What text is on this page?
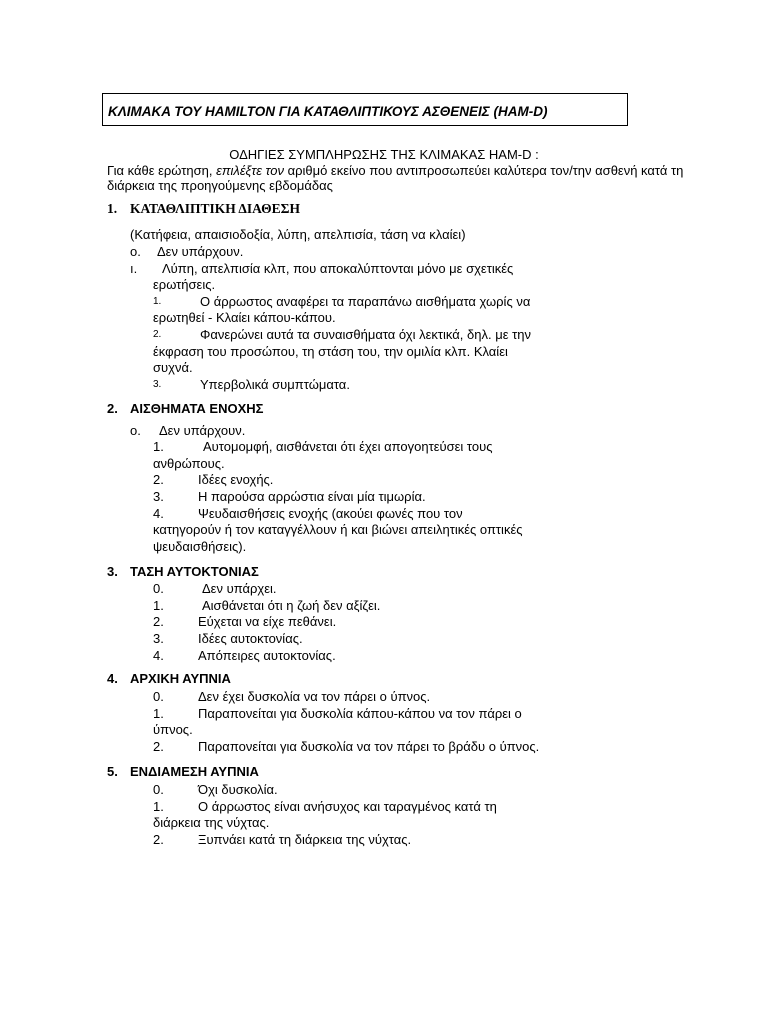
ΚΛΙΜΑΚΑ ΤΟΥ HAMILTON ΓΙΑ ΚΑΤΑΘΛΙΠΤΙΚΟΥΣ ΑΣΘΕΝΕΙΣ (HAM-D)
ΟΔΗΓΙΕΣ ΣΥΜΠΛΗΡΩΣΗΣ ΤΗΣ ΚΛΙΜΑΚΑΣ HAM-D :
Για κάθε ερώτηση, επιλέξτε τον αριθμό εκείνο που αντιπροσωπεύει καλύτερα τον/την ασθενή κατά τη
διάρκεια της προηγούμενης εβδομάδας
1. ΚΑΤΑΘΛΙΠΤΙΚΗ ΔΙΑΘΕΣΗ
(Κατήφεια, απαισιοδοξία, λύπη, απελπισία, τάση να κλαίει)
o. Δεν υπάρχουν.
ı. Λύπη, απελπισία κλπ, που αποκαλύπτονται μόνο με σχετικές
ερωτήσεις.
1.	Ο άρρωστος αναφέρει τα παραπάνω αισθήματα χωρίς να
ερωτηθεί - Κλαίει κάπου-κάπου.
2.	Φανερώνει αυτά τα συναισθήματα όχι λεκτικά, δηλ. με την
έκφραση του προσώπου, τη στάση του, την ομιλία κλπ. Κλαίει
συχνά.
3.	Υπερβολικά συμπτώματα.
2. ΑΙΣΘΗΜΑΤΑ ΕΝΟΧΗΣ
o. Δεν υπάρχουν.
1.	Αυτομομφή, αισθάνεται ότι έχει απογοητεύσει τους
ανθρώπους.
2.	Ιδέες ενοχής.
3.	Η παρούσα αρρώστια είναι μία τιμωρία.
4.	Ψευδαισθήσεις ενοχής (ακούει φωνές που τον
κατηγορούν ή τον καταγγέλλουν ή και βιώνει απειλητικές οπτικές
ψευδαισθήσεις).
3. ΤΑΣΗ ΑΥΤΟΚΤΟΝΙΑΣ
0.	Δεν υπάρχει.
1.	Αισθάνεται ότι η ζωή δεν αξίζει.
2.	Εύχεται να είχε πεθάνει.
3.	Ιδέες αυτοκτονίας.
4.	Απόπειρες αυτοκτονίας.
4. ΑΡΧΙΚΗ ΑΥΠΝΙΑ
0.	Δεν έχει δυσκολία να τον πάρει ο ύπνος.
1.	Παραπονείται για δυσκολία κάπου-κάπου να τον πάρει ο
ύπνος.
2.	Παραπονείται για δυσκολία να τον πάρει το βράδυ ο ύπνος.
5. ΕΝΔΙΑΜΕΣΗ ΑΥΠΝΙΑ
0.	Όχι δυσκολία.
1.	Ο άρρωστος είναι ανήσυχος και ταραγμένος κατά τη
διάρκεια της νύχτας.
2.	Ξυπνάει κατά τη διάρκεια της νύχτας.
